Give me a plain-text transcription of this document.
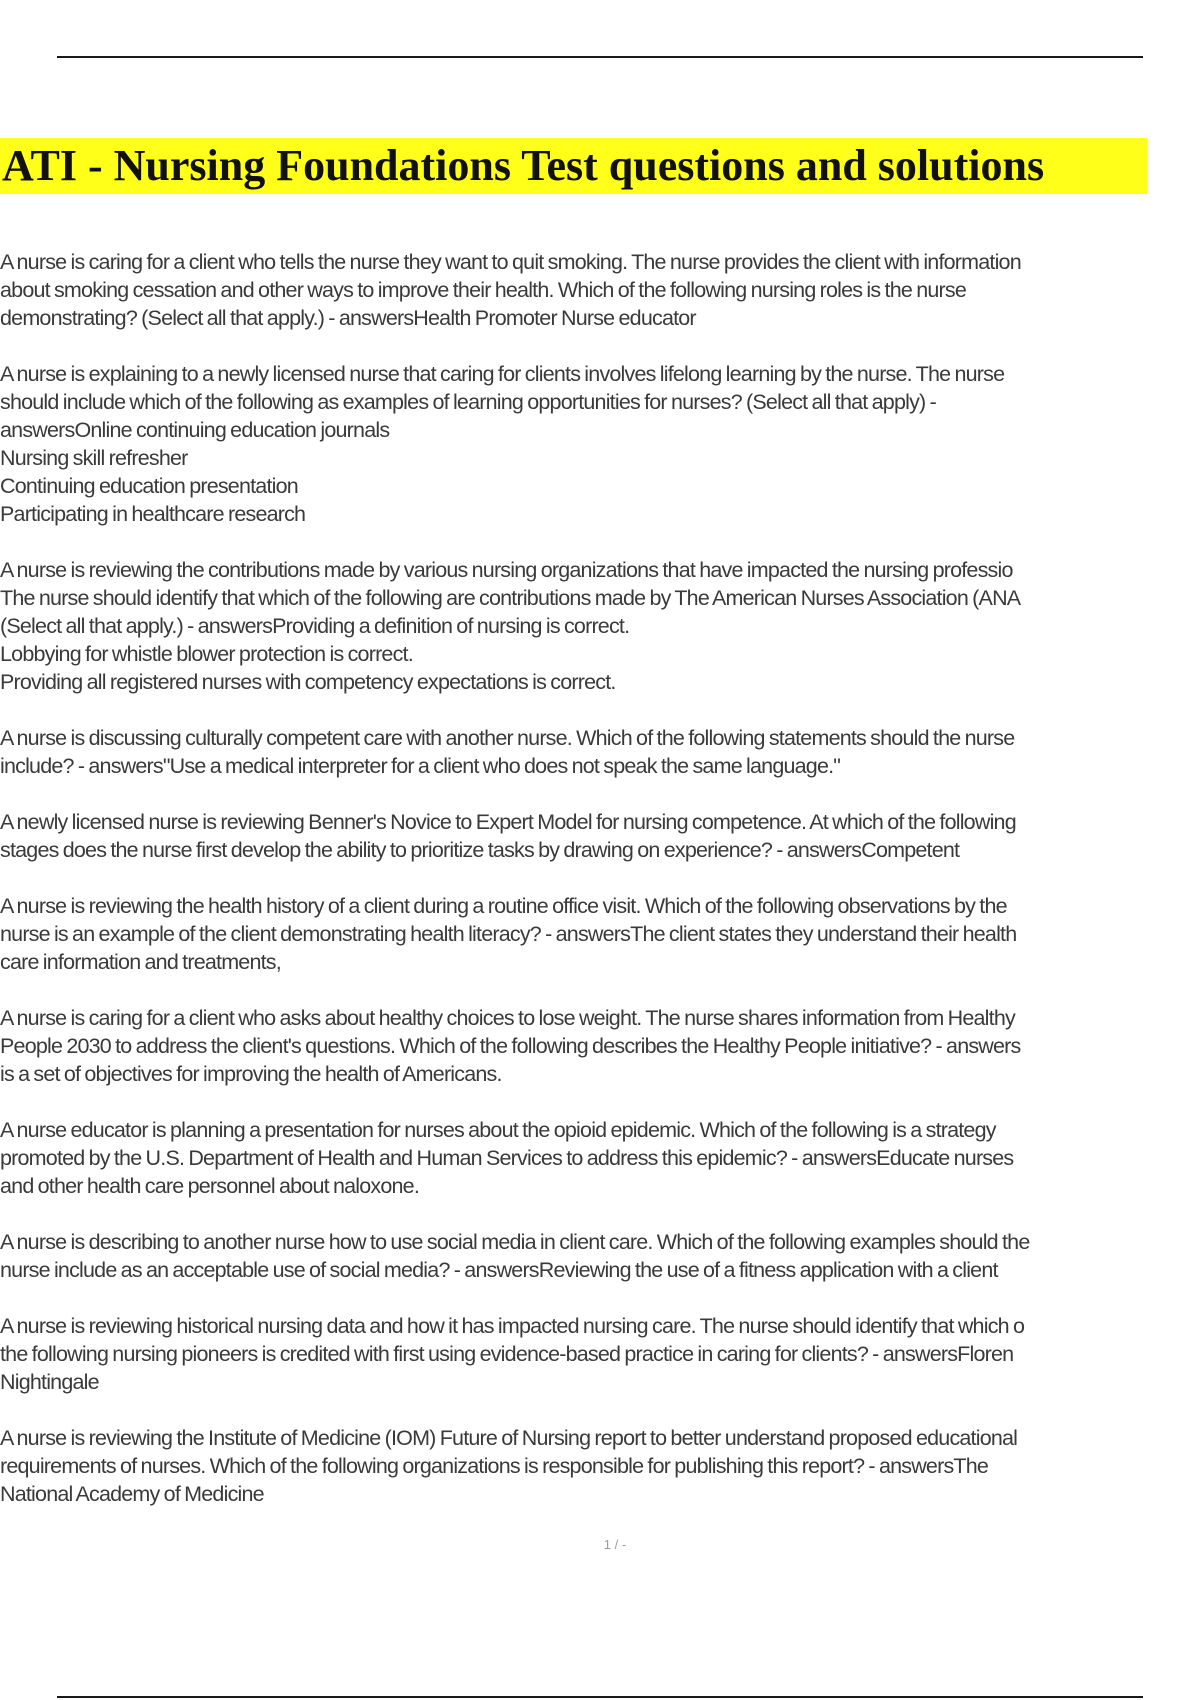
ATI - Nursing Foundations Test questions and solutions
A nurse is caring for a client who tells the nurse they want to quit smoking. The nurse provides the client with information
about smoking cessation and other ways to improve their health. Which of the following nursing roles is the nurse
demonstrating? (Select all that apply.) - answersHealth Promoter Nurse educator
A nurse is explaining to a newly licensed nurse that caring for clients involves lifelong learning by the nurse. The nurse
should include which of the following as examples of learning opportunities for nurses? (Select all that apply) -
answersOnline continuing education journals
Nursing skill refresher
Continuing education presentation
Participating in healthcare research
A nurse is reviewing the contributions made by various nursing organizations that have impacted the nursing professio
The nurse should identify that which of the following are contributions made by The American Nurses Association (ANA
(Select all that apply.) - answersProviding a definition of nursing is correct.
Lobbying for whistle blower protection is correct.
Providing all registered nurses with competency expectations is correct.
A nurse is discussing culturally competent care with another nurse. Which of the following statements should the nurse
include? - answers"Use a medical interpreter for a client who does not speak the same language."
A newly licensed nurse is reviewing Benner's Novice to Expert Model for nursing competence. At which of the following
stages does the nurse first develop the ability to prioritize tasks by drawing on experience? - answersCompetent
A nurse is reviewing the health history of a client during a routine office visit. Which of the following observations by the
nurse is an example of the client demonstrating health literacy? - answersThe client states they understand their health
care information and treatments,
A nurse is caring for a client who asks about healthy choices to lose weight. The nurse shares information from Healthy
People 2030 to address the client's questions. Which of the following describes the Healthy People initiative? - answers
is a set of objectives for improving the health of Americans.
A nurse educator is planning a presentation for nurses about the opioid epidemic. Which of the following is a strategy
promoted by the U.S. Department of Health and Human Services to address this epidemic? - answersEducate nurses
and other health care personnel about naloxone.
A nurse is describing to another nurse how to use social media in client care. Which of the following examples should the
nurse include as an acceptable use of social media? - answersReviewing the use of a fitness application with a client
A nurse is reviewing historical nursing data and how it has impacted nursing care. The nurse should identify that which o
the following nursing pioneers is credited with first using evidence-based practice in caring for clients? - answersFloren
Nightingale
A nurse is reviewing the Institute of Medicine (IOM) Future of Nursing report to better understand proposed educational
requirements of nurses. Which of the following organizations is responsible for publishing this report? - answersThe
National Academy of Medicine
1 / -
